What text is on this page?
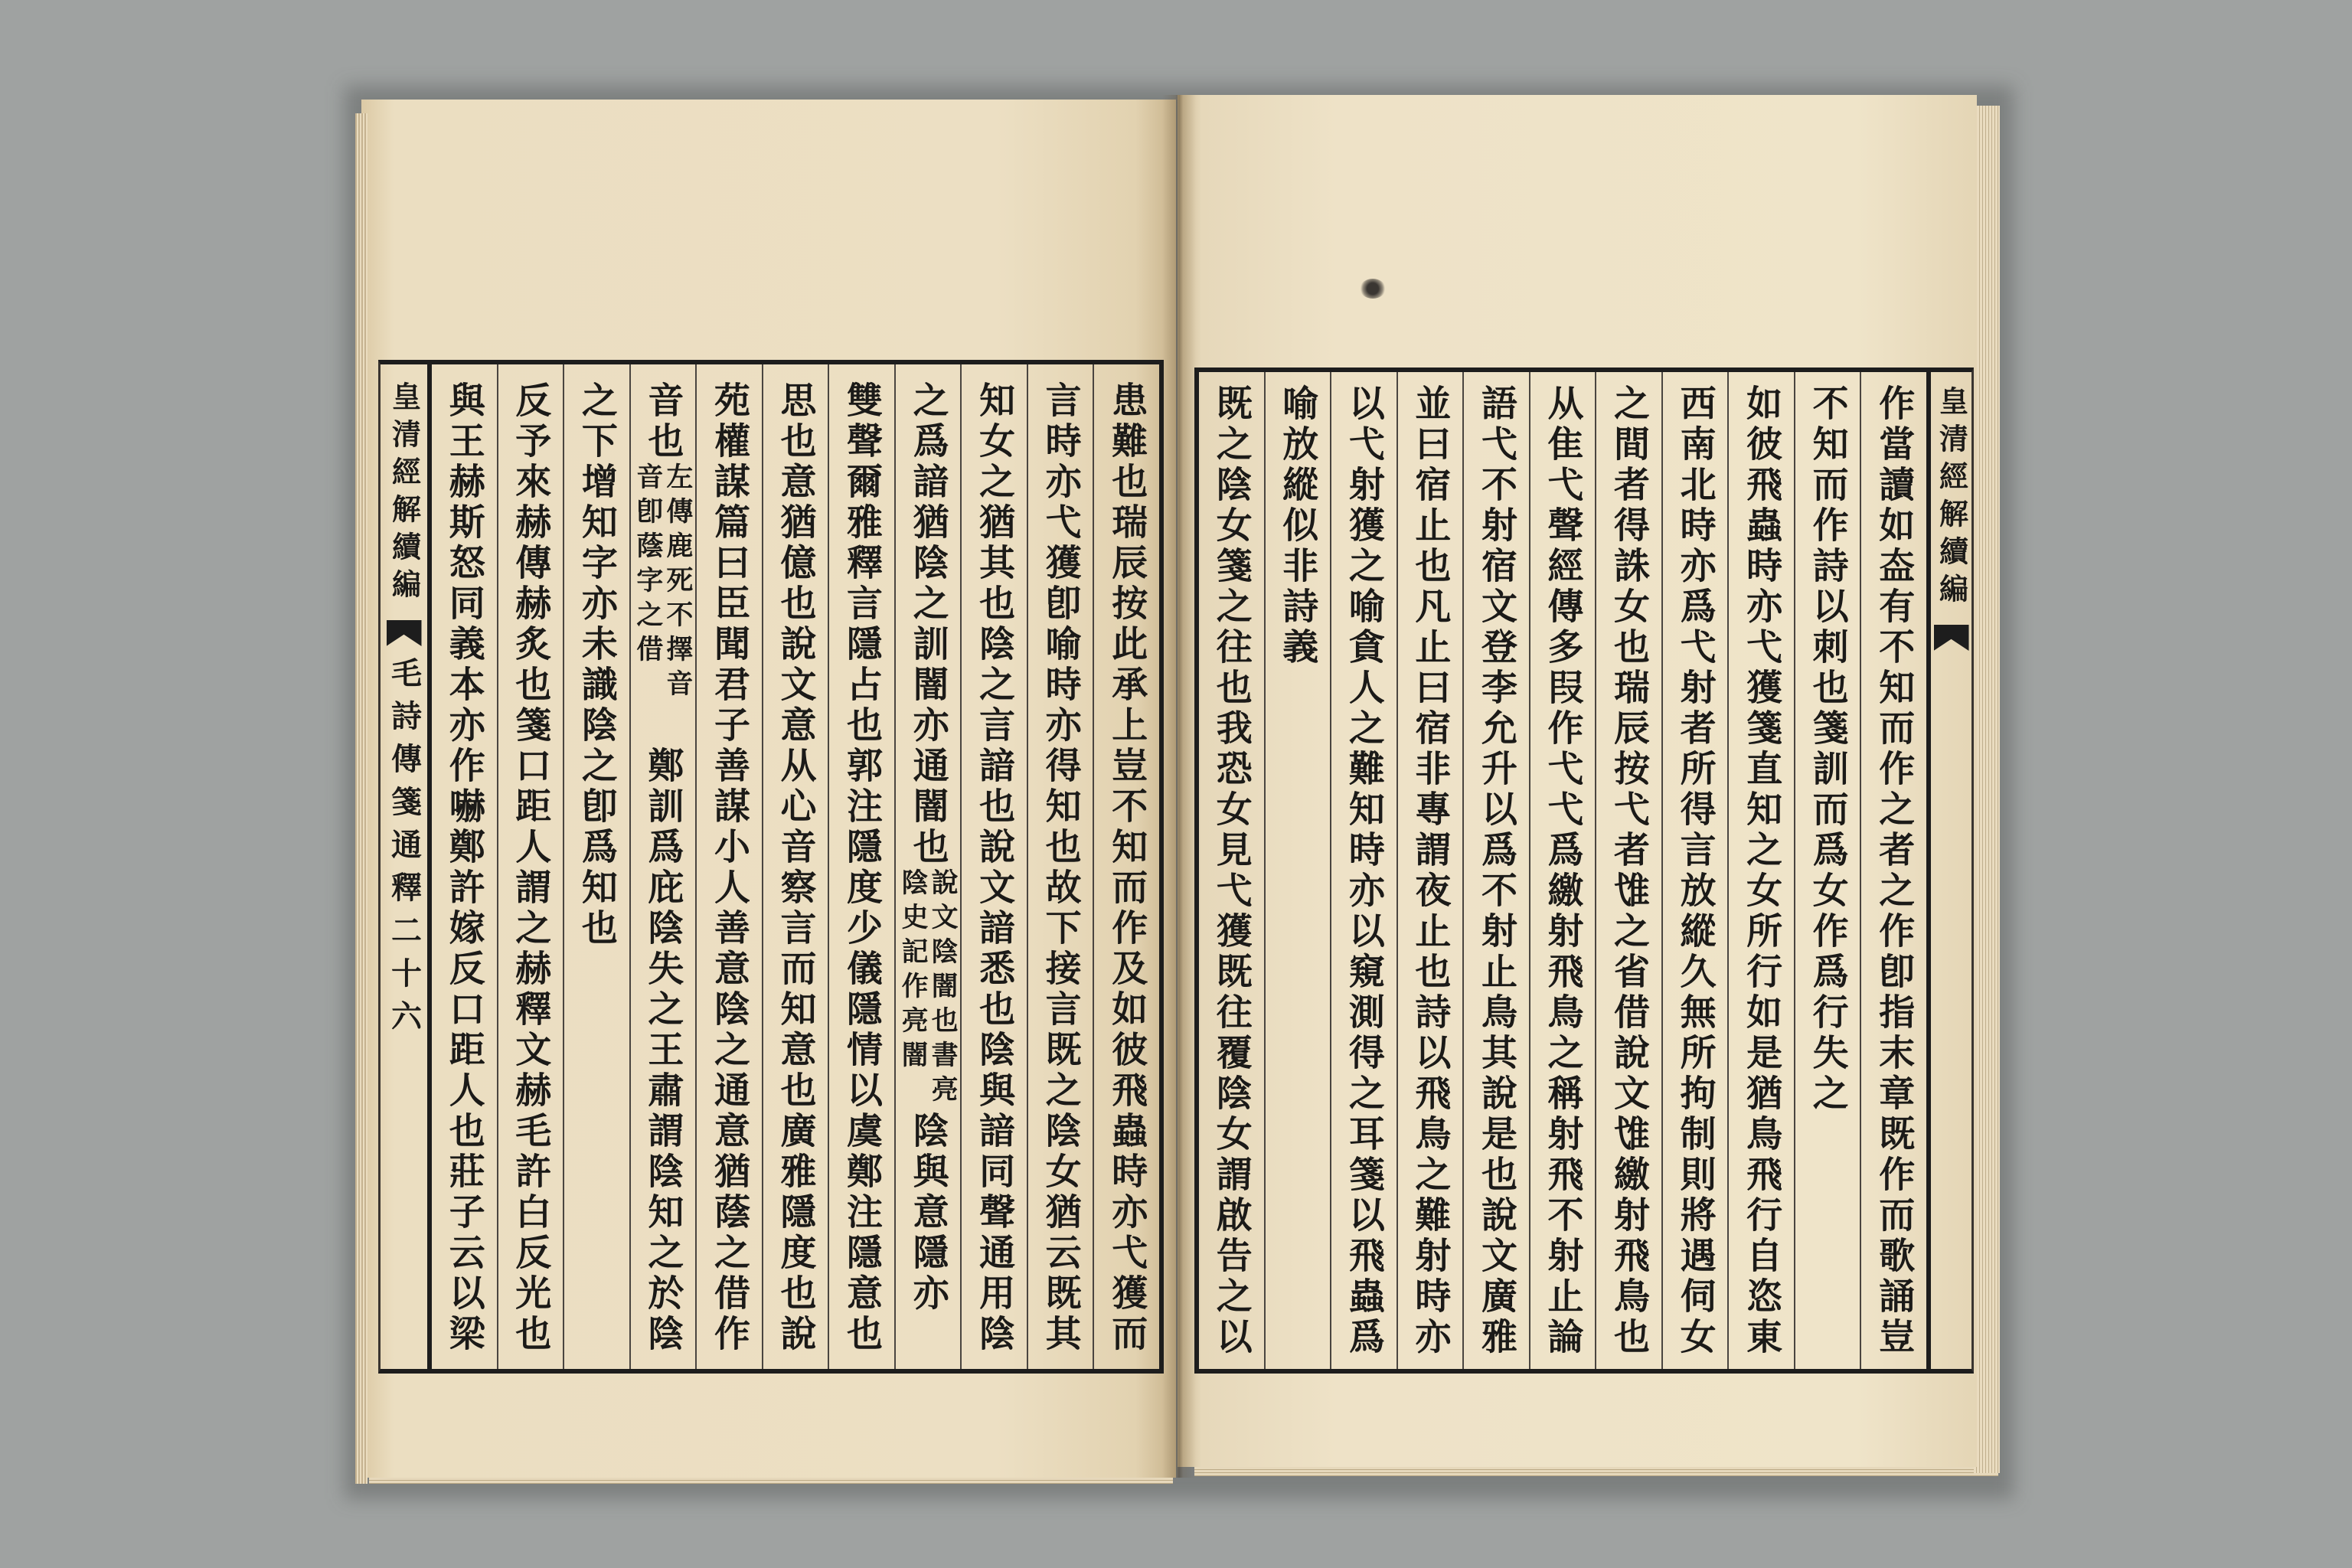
皇清經解續編
毛詩傳箋通釋二十六	患難也瑞辰按此承上豈不知而作及如彼飛蟲時亦弋獲而
言時亦弋獲卽喻時亦得知也故下接言既之陰女猶云既其
知女之猶其也陰之言諳也說文諳悉也陰與諳同聲通用陰
之爲諳猶陰之訓闇亦通闇也
說文陰闇也書亮
陰史記作亮闇
陰與意隱亦
雙聲爾雅釋言隱占也郭注隱度少儀隱情以虞鄭注隱意也
思也意猶億也說文意从心音察言而知意也廣雅隱度也說
苑權謀篇曰臣聞君子善謀小人善意陰之通意猶蔭之借作
音也
左傳鹿死不擇音
音卽蔭字之借
鄭訓爲庇陰失之王肅謂陰知之於陰
之下增知字亦未識陰之卽爲知也
反予來赫傳赫炙也箋口距人謂之赫釋文赫毛許白反光也
與王赫斯怒同義本亦作嚇鄭許嫁反口距人也莊子云以梁	作當讀如盇有不知而作之者之作卽指末章既作而歌誦豈
不知而作詩以刺也箋訓而爲女作爲行失之
如彼飛蟲時亦弋獲箋直知之女所行如是猶鳥飛行自恣東
西南北時亦爲弋射者所得言放縱久無所拘制則將遇伺女
之間者得誅女也瑞辰按弋者隿之省借說文隿繳射飛鳥也
从隹弋聲經傳多叚作弋弋爲繳射飛鳥之稱射飛不射止論
語弋不射宿文登李允升以爲不射止鳥其說是也說文廣雅
並曰宿止也凡止曰宿非專謂夜止也詩以飛鳥之難射時亦
以弋射獲之喻貪人之難知時亦以窺測得之耳箋以飛蟲爲
喻放縱似非詩義
既之陰女箋之往也我恐女見弋獲既往覆陰女謂啟告之以	皇清經解續編
